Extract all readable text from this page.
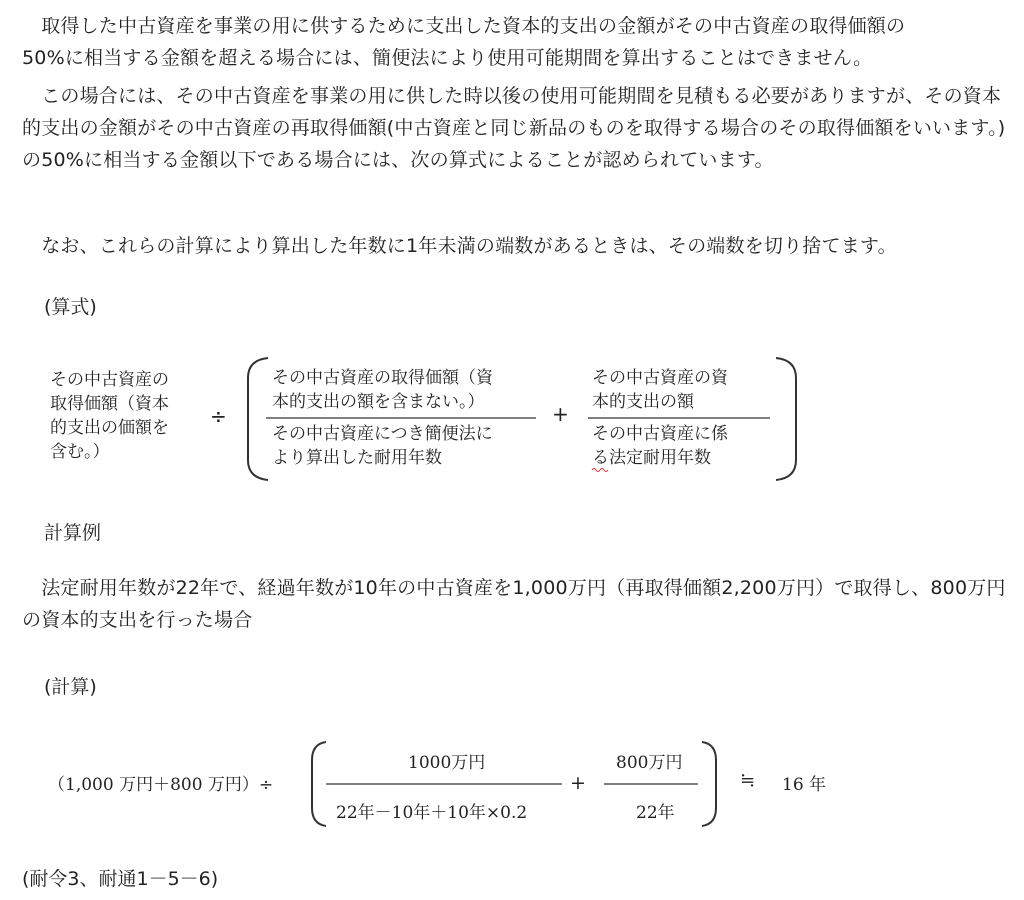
　取得した中古資産を事業の用に供するために支出した資本的支出の金額がその中古資産の取得価額の
50%に相当する金額を超える場合には、簡便法により使用可能期間を算出することはできません。
　この場合には、その中古資産を事業の用に供した時以後の使用可能期間を見積もる必要がありますが、その資本的支出の金額がその中古資産の再取得価額(中古資産と同じ新品のものを取得する場合のその取得価額をいいます。)の50%に相当する金額以下である場合には、次の算式によることが認められています。
　なお、これらの計算により算出した年数に1年未満の端数があるときは、その端数を切り捨てます。
(算式)
その中古資産の
取得価額（資本
的支出の価額を
含む。）
÷
その中古資産の取得価額（資
本的支出の額を含まない。）
その中古資産につき簡便法に
より算出した耐用年数
+
その中古資産の資
本的支出の額
その中古資産に係
る法定耐用年数
計算例
　法定耐用年数が22年で、経過年数が10年の中古資産を1,000万円（再取得価額2,200万円）で取得し、800万円の資本的支出を行った場合
(計算)
（1,000 万円＋800 万円）÷
1000万円
22年－10年＋10年×0.2
+
800万円
22年
≒ 16 年
(耐令3、耐通1－5－6)
